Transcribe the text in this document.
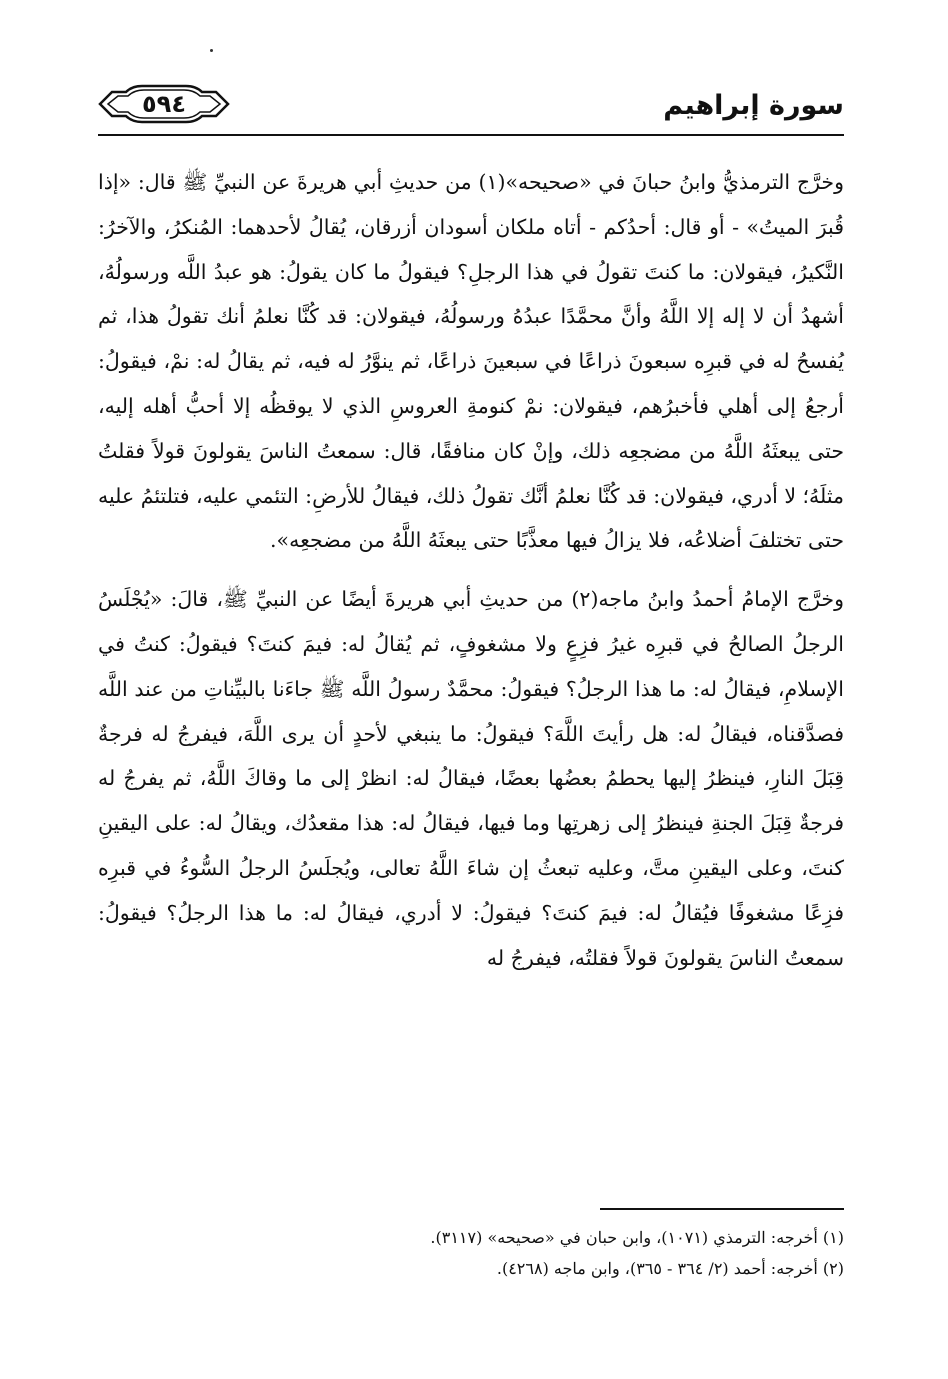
٥٩٤	سورة إبراهيم

وخرَّج الترمذيُّ وابنُ حبانَ في «صحيحه»(١) من حديثِ أبي هريرةَ عن النبيِّ ﷺ قال: «إذا قُبرَ الميتُ» - أو قال: أحدُكم - أتاه ملكان أسودان أزرقان، يُقالُ لأحدهما: المُنكرُ، والآخرُ: النَّكيرُ، فيقولان: ما كنتَ تقولُ في هذا الرجلِ؟ فيقولُ ما كان يقولُ: هو عبدُ اللَّه ورسولُهُ، أشهدُ أن لا إله إلا اللَّهُ وأنَّ محمَّدًا عبدُهُ ورسولُهُ، فيقولان: قد كُنَّا نعلمُ أنك تقولُ هذا، ثم يُفسحُ له في قبرِه سبعونَ ذراعًا في سبعينَ ذراعًا، ثم ينوَّرُ له فيه، ثم يقالُ له: نمْ، فيقولُ: أرجعُ إلى أهلي فأخبرُهم، فيقولان: نمْ كنومةِ العروسِ الذي لا يوقظُه إلا أحبُّ أهله إليه، حتى يبعثَهُ اللَّهُ من مضجعِه ذلك، وإنْ كان منافقًا، قال: سمعتُ الناسَ يقولونَ قولاً فقلتُ مثلَهُ؛ لا أدري، فيقولان: قد كُنَّا نعلمُ أنَّك تقولُ ذلك، فيقالُ للأرضِ: التئمي عليه، فتلتئمُ عليه حتى تختلفَ أضلاعُه، فلا يزالُ فيها معذَّبًا حتى يبعثَهُ اللَّهُ من مضجعِه».

وخرَّج الإمامُ أحمدُ وابنُ ماجه(٢) من حديثِ أبي هريرةَ أيضًا عن النبيِّ ﷺ، قالَ: «يُجْلَسُ الرجلُ الصالحُ في قبرِه غيرُ فزِعٍ ولا مشغوفٍ، ثم يُقالُ له: فيمَ كنتَ؟ فيقولُ: كنتُ في الإسلامِ، فيقالُ له: ما هذا الرجلُ؟ فيقولُ: محمَّدٌ رسولُ اللَّه ﷺ جاءَنا بالبيِّناتِ من عند اللَّه فصدَّقناه، فيقالُ له: هل رأيتَ اللَّهَ؟ فيقولُ: ما ينبغي لأحدٍ أن يرى اللَّهَ، فيفرجُ له فرجةٌ قِبَلَ النارِ، فينظرُ إليها يحطمُ بعضُها بعضًا، فيقالُ له: انظرْ إلى ما وقاكَ اللَّهُ، ثم يفرجُ له فرجةٌ قِبَلَ الجنةِ فينظرُ إلى زهرتِها وما فيها، فيقالُ له: هذا مقعدُك، ويقالُ له: على اليقينِ كنتَ، وعلى اليقينِ متَّ، وعليه تبعثُ إن شاءَ اللَّهُ تعالى، ويُجلَسُ الرجلُ السُّوءُ في قبرِه فزِعًا مشغوفًا فيُقالُ له: فيمَ كنتَ؟ فيقولُ: لا أدري، فيقالُ له: ما هذا الرجلُ؟ فيقولُ: سمعتُ الناسَ يقولونَ قولاً فقلتُه، فيفرجُ له

(١) أخرجه: الترمذي (١٠٧١)، وابن حبان في «صحيحه» (٣١١٧).

(٢) أخرجه: أحمد (٢/ ٣٦٤ - ٣٦٥)، وابن ماجه (٤٢٦٨).
